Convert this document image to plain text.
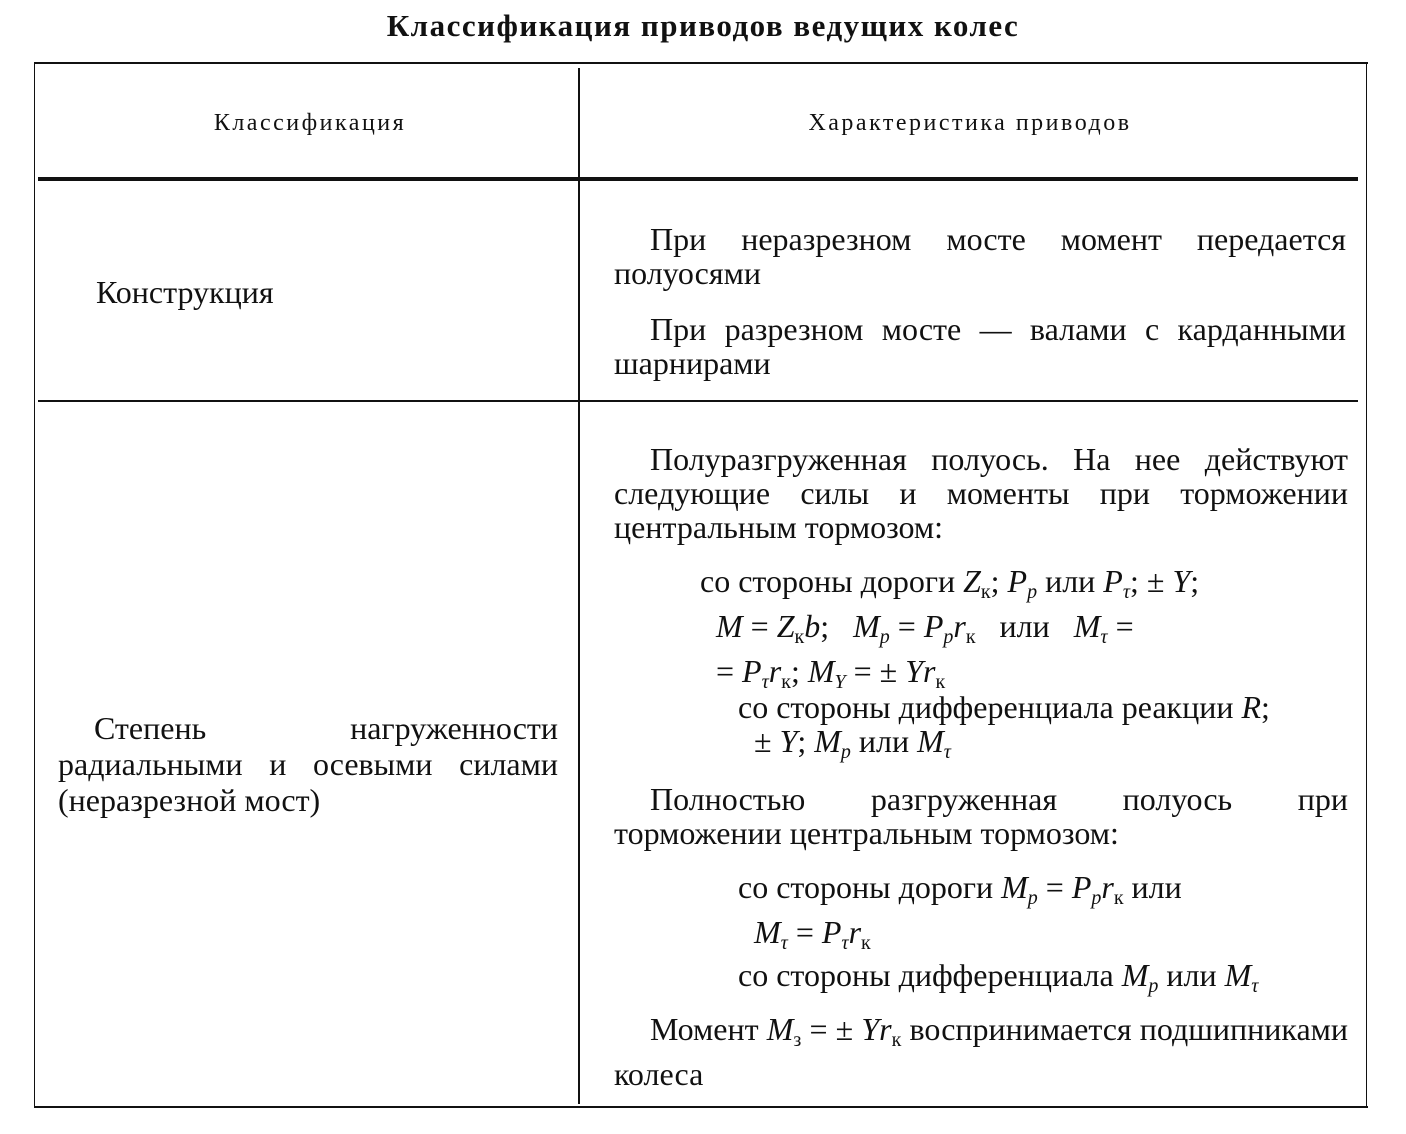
Классификация приводов ведущих колес
Классификация	Характеристика приводов
Конструкция
При неразрезном мосте момент передается полуосями
При разрезном мосте — валами с карданными шарнирами
Степень нагруженности радиальными и осевыми силами (неразрезной мост)
Полуразгруженная полуось. На нее действуют следующие силы и моменты при торможении центральным тормозом:
со стороны дороги Zк; $P_p$ или $P_\tau$; ± Y;
M = Zкb;   $M_p = P_prк$ или $M_\tau$ =
= $P_\tau rк$; $M_Y$ = ± Yrк
со стороны дифференциала реакции R;
± Y; $M_p$ или $M_\tau$
Полностью разгруженная полуось при торможении центральным тормозом:
со стороны дороги $M_p = P_prк$ или
$M_\tau = P_\tau rк$
со стороны дифференциала $M_p$ или $M_\tau$
Момент Mз = ± Yrк воспринимается подшипниками колеса
